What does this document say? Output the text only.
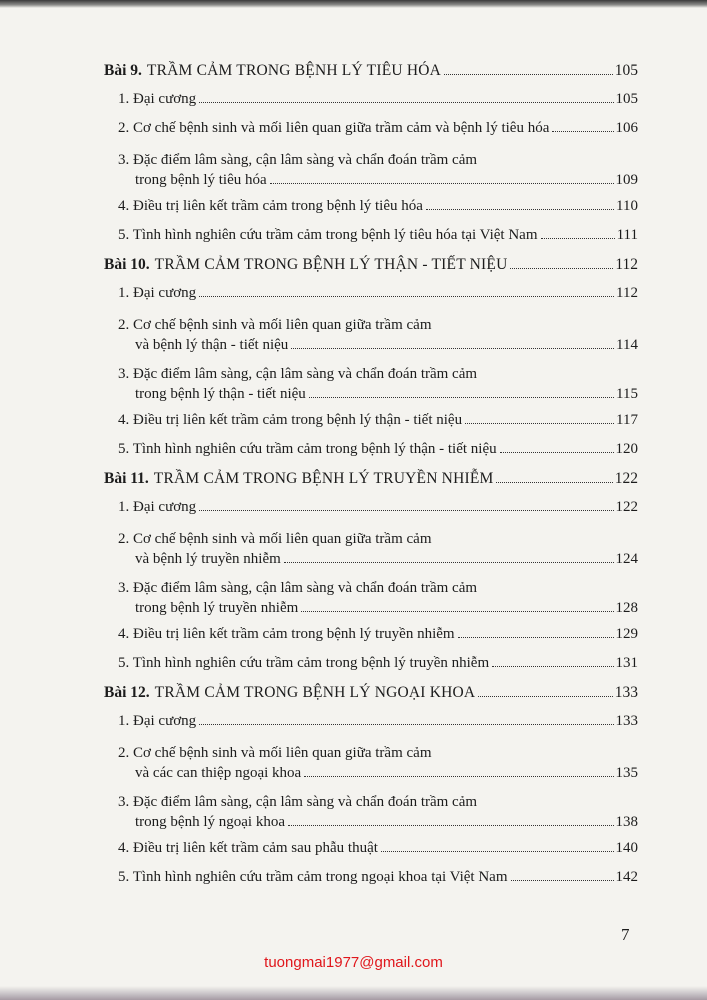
Bài 9. TRẦM CẢM TRONG BỆNH LÝ TIÊU HÓA	105
1. Đại cương	105
2. Cơ chế bệnh sinh và mối liên quan giữa trầm cảm và bệnh lý tiêu hóa	106
3. Đặc điểm lâm sàng, cận lâm sàng và chẩn đoán trầm cảm
trong bệnh lý tiêu hóa	109
4. Điều trị liên kết trầm cảm trong bệnh lý tiêu hóa	110
5. Tình hình nghiên cứu trầm cảm trong bệnh lý tiêu hóa tại Việt Nam	111
Bài 10. TRẦM CẢM TRONG BỆNH LÝ THẬN - TIẾT NIỆU	112
1. Đại cương	112
2. Cơ chế bệnh sinh và mối liên quan giữa trầm cảm
và bệnh lý thận - tiết niệu	114
3. Đặc điểm lâm sàng, cận lâm sàng và chẩn đoán trầm cảm
trong bệnh lý thận - tiết niệu	115
4. Điều trị liên kết trầm cảm trong bệnh lý thận - tiết niệu	117
5. Tình hình nghiên cứu trầm cảm trong bệnh lý thận - tiết niệu	120
Bài 11. TRẦM CẢM TRONG BỆNH LÝ TRUYỀN NHIỄM	122
1. Đại cương	122
2. Cơ chế bệnh sinh và mối liên quan giữa trầm cảm
và bệnh lý truyền nhiễm	124
3. Đặc điểm lâm sàng, cận lâm sàng và chẩn đoán trầm cảm
trong bệnh lý truyền nhiễm	128
4. Điều trị liên kết trầm cảm trong bệnh lý truyền nhiễm	129
5. Tình hình nghiên cứu trầm cảm trong bệnh lý truyền nhiễm	131
Bài 12. TRẦM CẢM TRONG BỆNH LÝ NGOẠI KHOA	133
1. Đại cương	133
2. Cơ chế bệnh sinh và mối liên quan giữa trầm cảm
và các can thiệp ngoại khoa	135
3. Đặc điểm lâm sàng, cận lâm sàng và chẩn đoán trầm cảm
trong bệnh lý ngoại khoa	138
4. Điều trị liên kết trầm cảm sau phẫu thuật	140
5. Tình hình nghiên cứu trầm cảm trong ngoại khoa tại Việt Nam	142
7
tuongmai1977@gmail.com
